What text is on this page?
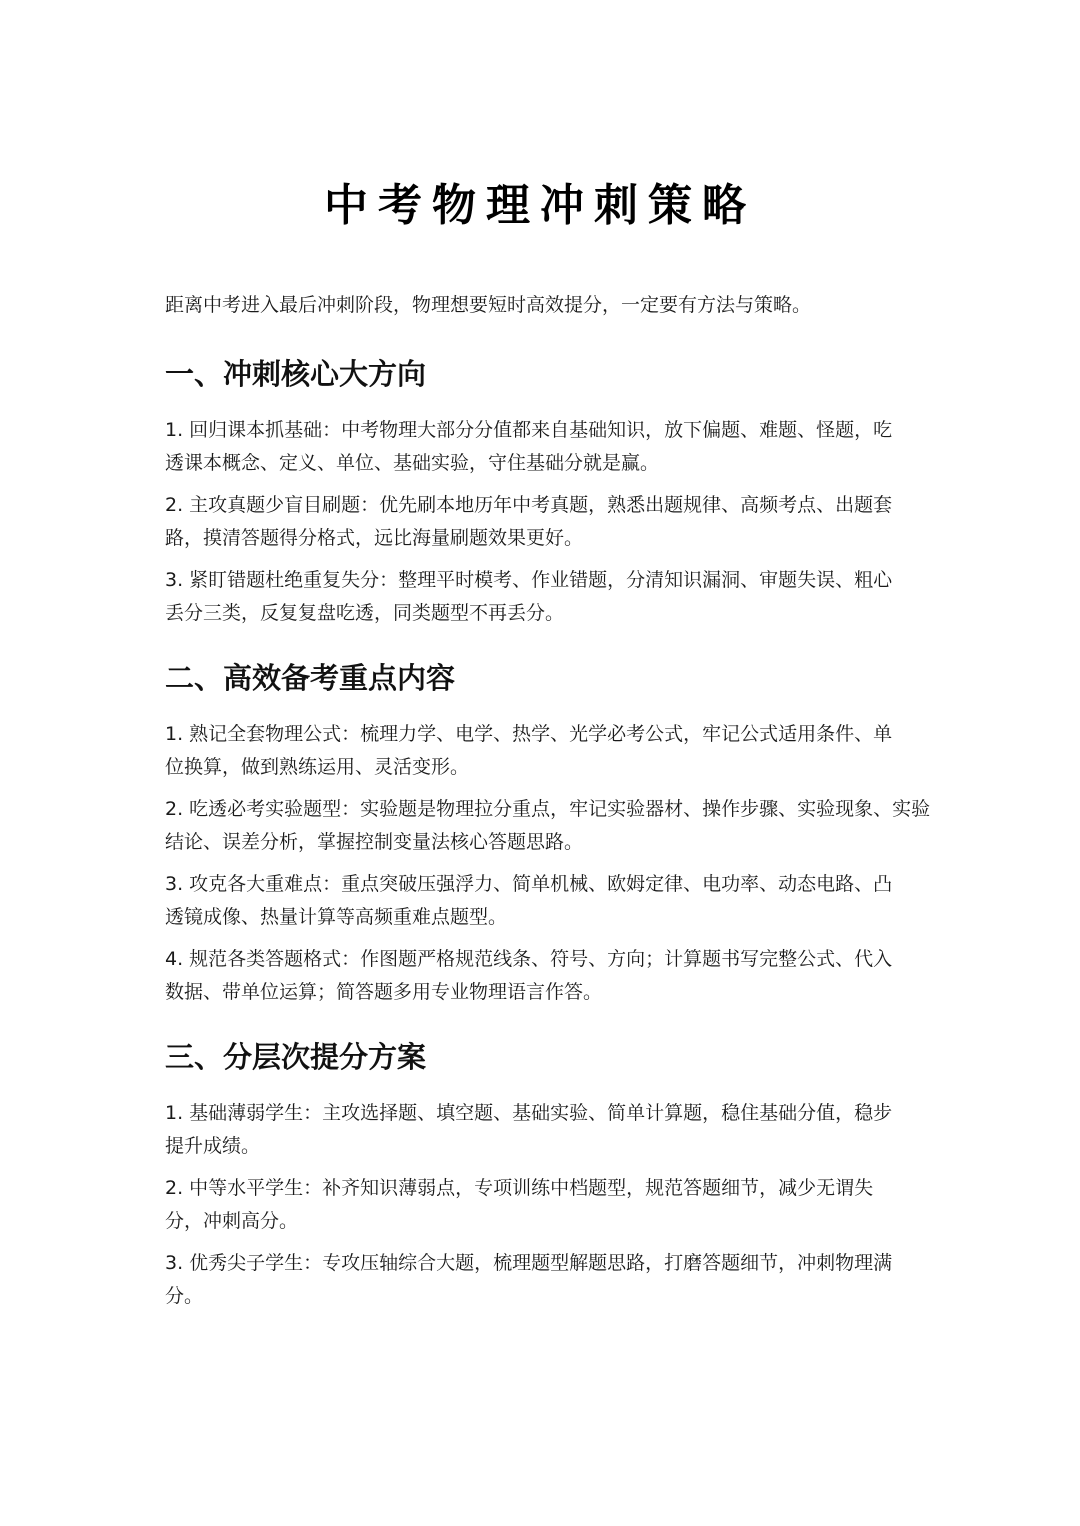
中考物理冲刺策略
距离中考进入最后冲刺阶段，物理想要短时高效提分，一定要有方法与策略。
一、冲刺核心大方向

1. 回归课本抓基础：中考物理大部分分值都来自基础知识，放下偏题、难题、怪题，吃透课本概念、定义、单位、基础实验，守住基础分就是赢。

2. 主攻真题少盲目刷题：优先刷本地历年中考真题，熟悉出题规律、高频考点、出题套路，摸清答题得分格式，远比海量刷题效果更好。

3. 紧盯错题杜绝重复失分：整理平时模考、作业错题，分清知识漏洞、审题失误、粗心丢分三类，反复复盘吃透，同类题型不再丢分。

二、高效备考重点内容

1. 熟记全套物理公式：梳理力学、电学、热学、光学必考公式，牢记公式适用条件、单位换算，做到熟练运用、灵活变形。

2. 吃透必考实验题型：实验题是物理拉分重点，牢记实验器材、操作步骤、实验现象、实验结论、误差分析，掌握控制变量法核心答题思路。

3. 攻克各大重难点：重点突破压强浮力、简单机械、欧姆定律、电功率、动态电路、凸透镜成像、热量计算等高频重难点题型。

4. 规范各类答题格式：作图题严格规范线条、符号、方向；计算题书写完整公式、代入数据、带单位运算；简答题多用专业物理语言作答。

三、分层次提分方案

1. 基础薄弱学生：主攻选择题、填空题、基础实验、简单计算题，稳住基础分值，稳步提升成绩。

2. 中等水平学生：补齐知识薄弱点，专项训练中档题型，规范答题细节，减少无谓失分，冲刺高分。

3. 优秀尖子学生：专攻压轴综合大题，梳理题型解题思路，打磨答题细节，冲刺物理满分。
